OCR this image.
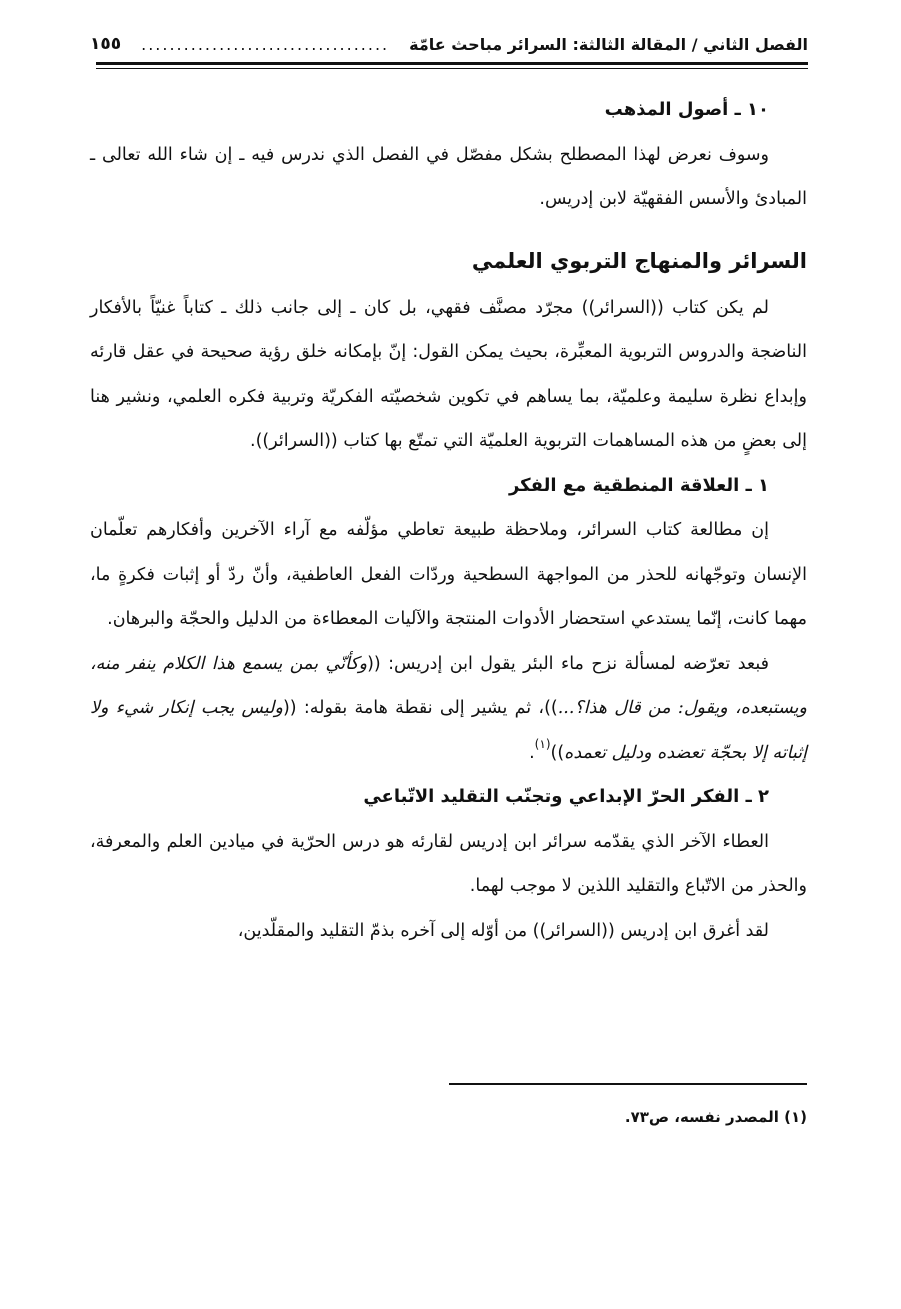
الفصل الثاني / المقالة الثالثة: السرائر مباحث عامّة
...................................
١٥٥
١٠ ـ أصول المذهب

وسوف نعرض لهذا المصطلح بشكل مفصّل في الفصل الذي ندرس فيه ـ إن شاء الله تعالى ـ المبادئ والأسس الفقهيّة لابن إدريس.

السرائر والمنهاج التربوي العلمي

لم يكن كتاب ((السرائر)) مجرّد مصنَّف فقهي، بل كان ـ إلى جانب ذلك ـ كتاباً غنيّاً بالأفكار الناضجة والدروس التربوية المعبِّرة، بحيث يمكن القول: إنّ بإمكانه خلق رؤية صحيحة في عقل قارئه وإبداع نظرة سليمة وعلميّة، بما يساهم في تكوين شخصيّته الفكريّة وتربية فكره العلمي، ونشير هنا إلى بعضٍ من هذه المساهمات التربوية العلميّة التي تمتّع بها كتاب ((السرائر)).

١ ـ العلاقة المنطقية مع الفكر

إن مطالعة كتاب السرائر، وملاحظة طبيعة تعاطي مؤلّفه مع آراء الآخرين وأفكارهم تعلّمان الإنسان وتوجّهانه للحذر من المواجهة السطحية وردّات الفعل العاطفية، وأنّ ردّ أو إثبات فكرةٍ ما، مهما كانت، إنّما يستدعي استحضار الأدوات المنتجة والآليات المعطاءة من الدليل والحجّة والبرهان.

فبعد تعرّضه لمسألة نزح ماء البئر يقول ابن إدريس: ((وكأنّي بمن يسمع هذا الكلام ينفر منه، ويستبعده، ويقول: من قال هذا؟...))، ثم يشير إلى نقطة هامة بقوله: ((وليس يجب إنكار شيء ولا إثباته إلا بحجّة تعضده ودليل تعمده))$^{(١)}$.

٢ ـ الفكر الحرّ الإبداعي وتجنّب التقليد الاتّباعي

العطاء الآخر الذي يقدّمه سرائر ابن إدريس لقارئه هو درس الحرّية في ميادين العلم والمعرفة، والحذر من الاتّباع والتقليد اللذين لا موجب لهما.

لقد أغرق ابن إدريس ((السرائر)) من أوّله إلى آخره بذمّ التقليد والمقلّدين،

(١) المصدر نفسه، ص٧٣.
